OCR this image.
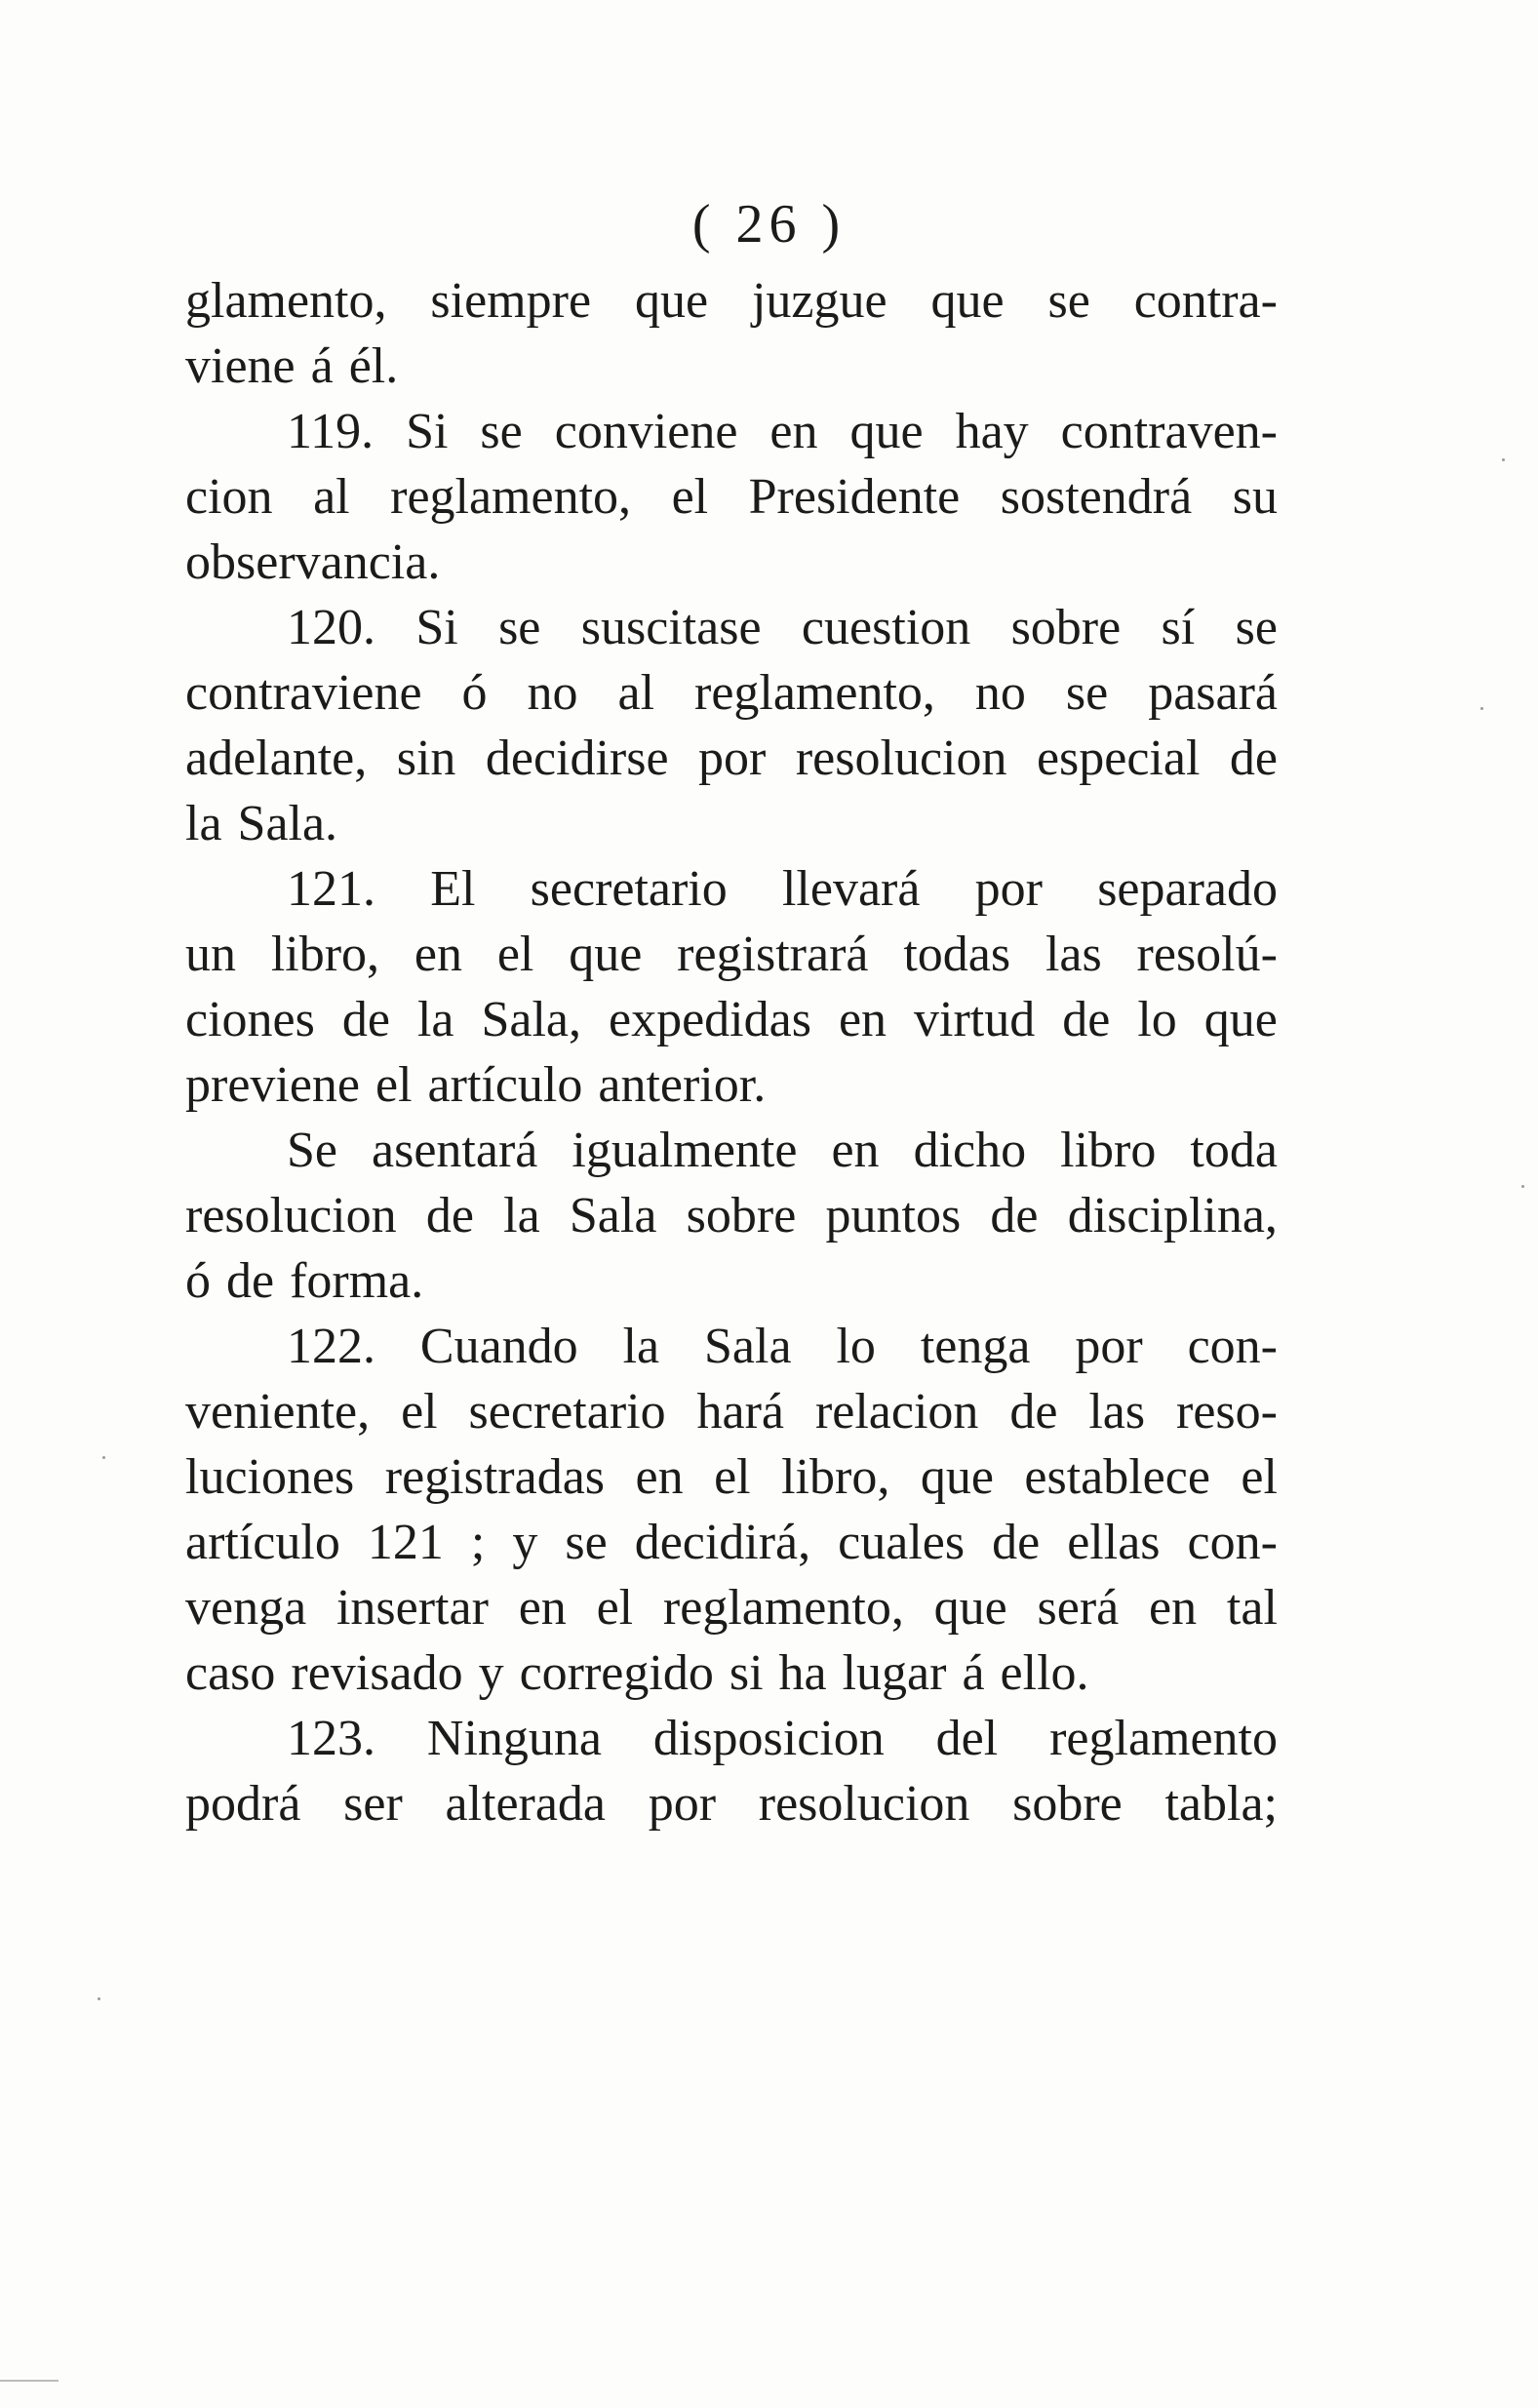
( 26 )
glamento, siempre que juzgue que se contra-
viene á él.
119. Si se conviene en que hay contraven-
cion al reglamento, el Presidente sostendrá su
observancia.
120. Si se suscitase cuestion sobre sí se
contraviene ó no al reglamento, no se pasará
adelante, sin decidirse por resolucion especial de
la Sala.
121. El secretario llevará por separado
un libro, en el que registrará todas las resolú-
ciones de la Sala, expedidas en virtud de lo que
previene el artículo anterior.
Se asentará igualmente en dicho libro toda
resolucion de la Sala sobre puntos de disciplina,
ó de forma.
122. Cuando la Sala lo tenga por con-
veniente, el secretario hará relacion de las reso-
luciones registradas en el libro, que establece el
artículo 121 ; y se decidirá, cuales de ellas con-
venga insertar en el reglamento, que será en tal
caso revisado y corregido si ha lugar á ello.
123. Ninguna disposicion del reglamento
podrá ser alterada por resolucion sobre tabla;
